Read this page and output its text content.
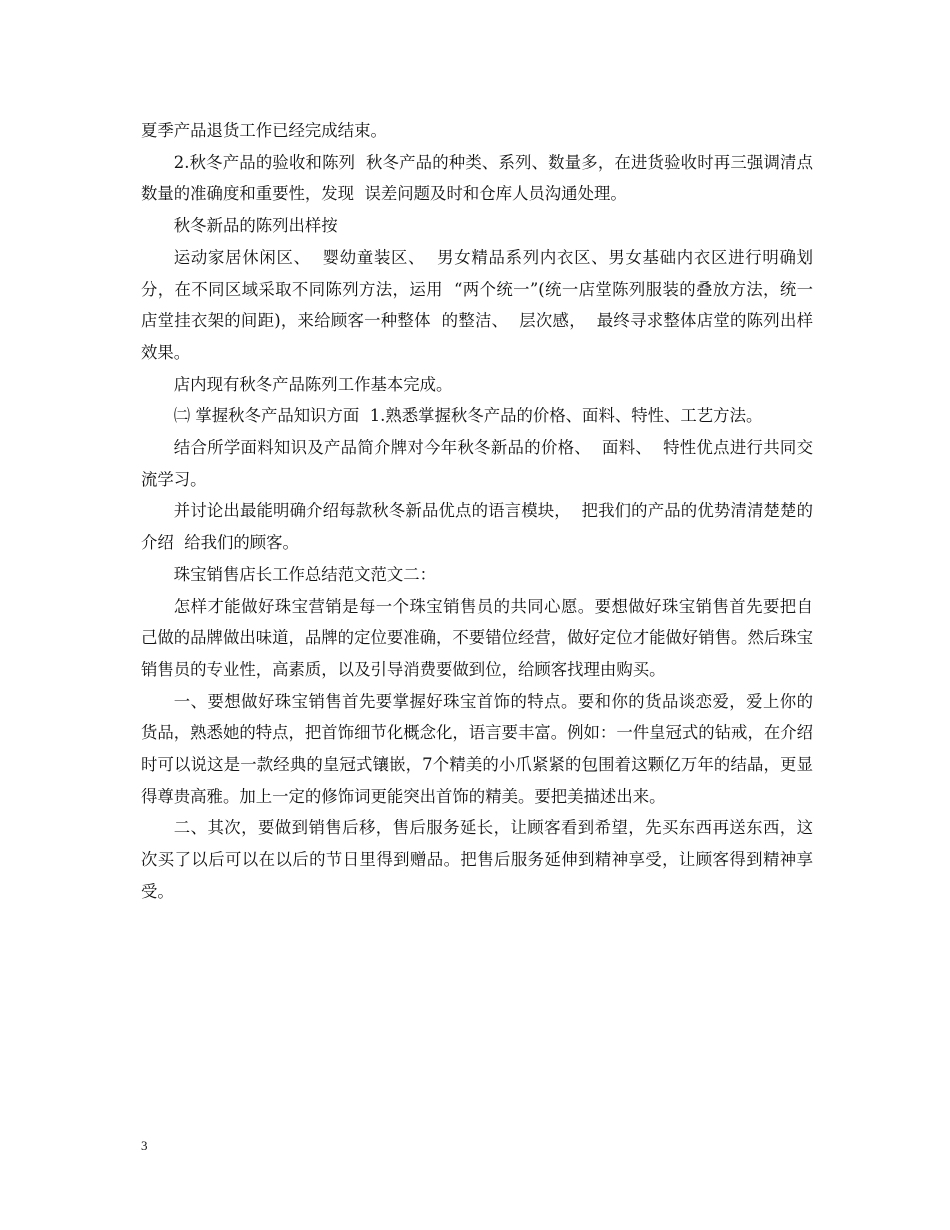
夏季产品退货工作已经完成结束。

2.秋冬产品的验收和陈列  秋冬产品的种类、系列、数量多，在进货验收时再三强调清点数量的准确度和重要性，发现  误差问题及时和仓库人员沟通处理。

秋冬新品的陈列出样按

运动家居休闲区、  婴幼童装区、  男女精品系列内衣区、男女基础内衣区进行明确划分，在不同区域采取不同陈列方法，运用  “两个统一”(统一店堂陈列服装的叠放方法，统一店堂挂衣架的间距)，来给顾客一种整体  的整洁、  层次感，  最终寻求整体店堂的陈列出样效果。

店内现有秋冬产品陈列工作基本完成。

㈡ 掌握秋冬产品知识方面  1.熟悉掌握秋冬产品的价格、面料、特性、工艺方法。

结合所学面料知识及产品简介牌对今年秋冬新品的价格、  面料、  特性优点进行共同交流学习。

并讨论出最能明确介绍每款秋冬新品优点的语言模块，  把我们的产品的优势清清楚楚的介绍  给我们的顾客。

珠宝销售店长工作总结范文范文二：

怎样才能做好珠宝营销是每一个珠宝销售员的共同心愿。要想做好珠宝销售首先要把自己做的品牌做出味道，品牌的定位要准确，不要错位经营，做好定位才能做好销售。然后珠宝销售员的专业性，高素质，以及引导消费要做到位，给顾客找理由购买。

一、要想做好珠宝销售首先要掌握好珠宝首饰的特点。要和你的货品谈恋爱，爱上你的货品，熟悉她的特点，把首饰细节化概念化，语言要丰富。例如：一件皇冠式的钻戒，在介绍时可以说这是一款经典的皇冠式镶嵌，7个精美的小爪紧紧的包围着这颗亿万年的结晶，更显得尊贵高雅。加上一定的修饰词更能突出首饰的精美。要把美描述出来。

二、其次，要做到销售后移，售后服务延长，让顾客看到希望，先买东西再送东西，这次买了以后可以在以后的节日里得到赠品。把售后服务延伸到精神享受，让顾客得到精神享受。

3
